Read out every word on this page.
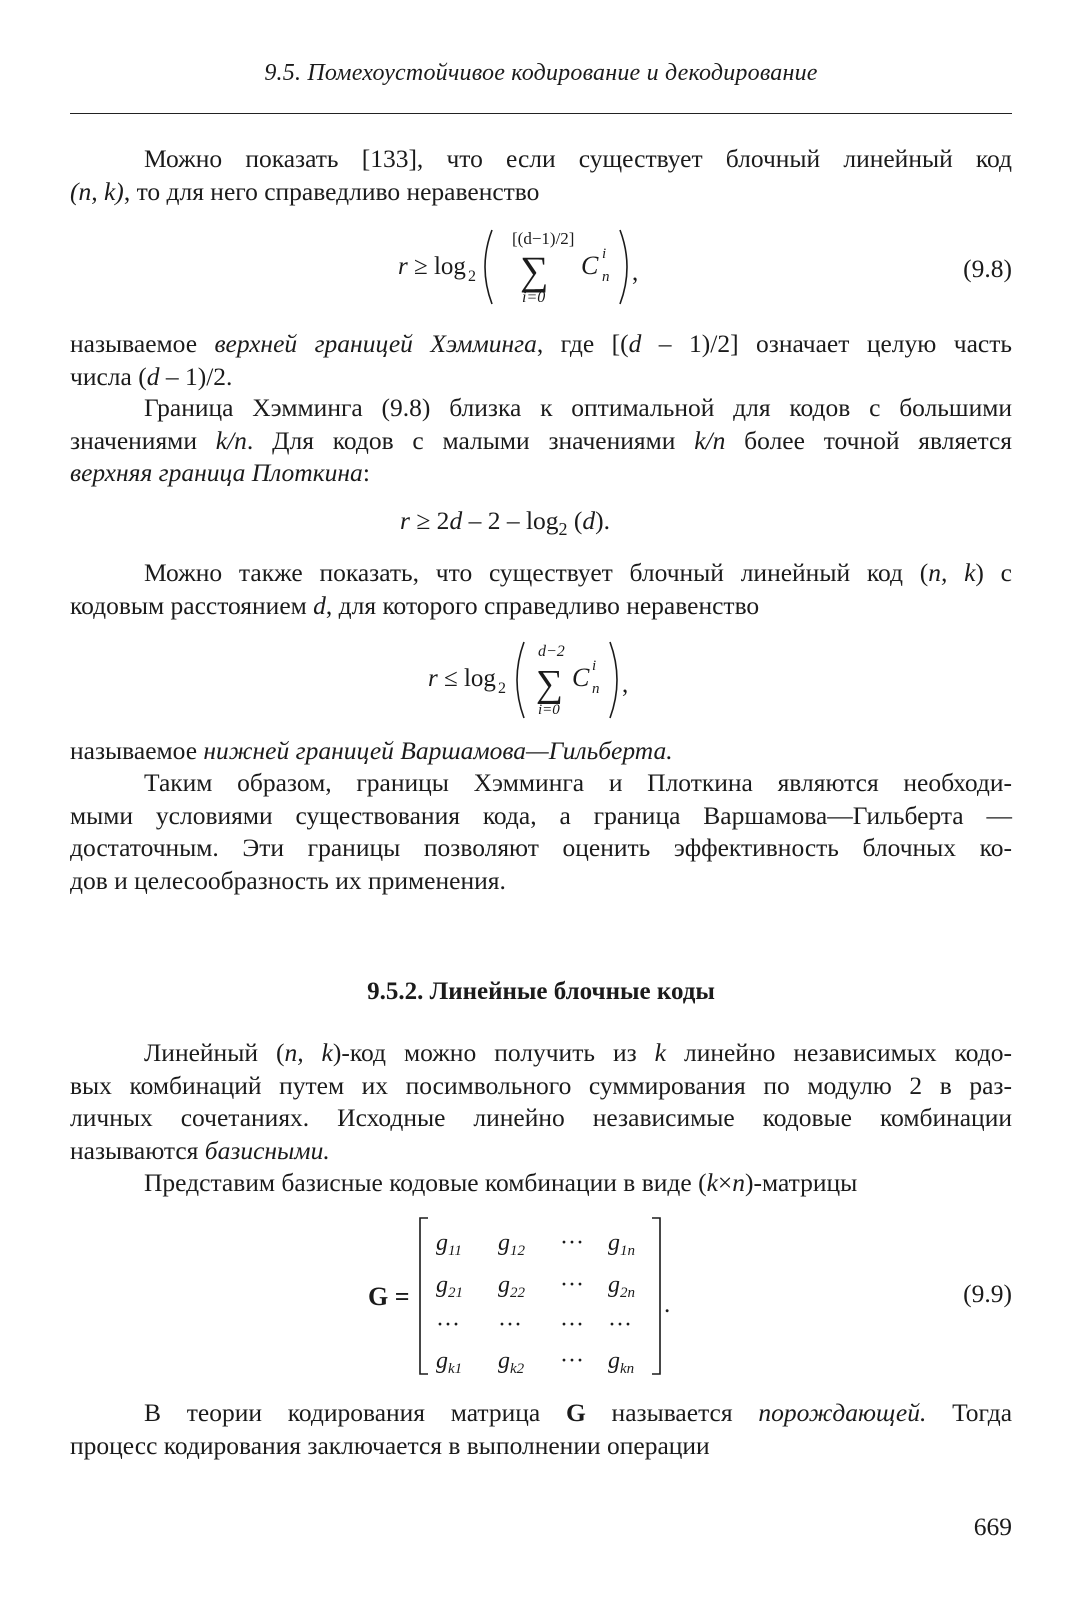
9.5. Помехоустойчивое кодирование и декодирование
Можно показать [133], что если существует блочный линейный код
(n, k), то для него справедливо неравенство
r ≥ log 2
[(d−1)/2]
∑
i=0
C i
n ,	(9.8)
называемое верхней границей Хэмминга, где [(d – 1)/2] означает целую часть
числа (d – 1)/2.
Граница Хэмминга (9.8) близка к оптимальной для кодов с большими
значениями k/n. Для кодов с малыми значениями k/n более точной является
верхняя граница Плоткина:
$r \ge 2d - 2 - \log_2 (d)$.
Можно также показать, что существует блочный линейный код (n, k) с
кодовым расстоянием d, для которого справедливо неравенство
r ≤ log 2
d−2
∑
i=0
C i
n ,
называемое нижней границей Варшамова—Гильберта.
Таким образом, границы Хэмминга и Плоткина являются необходи-
мыми условиями существования кода, а граница Варшамова—Гильберта —
достаточным. Эти границы позволяют оценить эффективность блочных ко-
дов и целесообразность их применения.
9.5.2. Линейные блочные коды
Линейный (n, k)-код можно получить из k линейно независимых кодо-
вых комбинаций путем их посимвольного суммирования по модулю 2 в раз-
личных сочетаниях. Исходные линейно независимые кодовые комбинации
называются базисными.
Представим базисные кодовые комбинации в виде (k×n)-матрицы
G =
$g_{11}$ $g_{12}$ ··· $g_{1n}$
$g_{21}$ $g_{22}$ ··· $g_{2n}$
··· ··· ··· ···
$g_{k1}$ $g_{k2}$ ··· $g_{kn}$
.	(9.9)
В теории кодирования матрица G называется порождающей. Тогда
процесс кодирования заключается в выполнении операции
669
